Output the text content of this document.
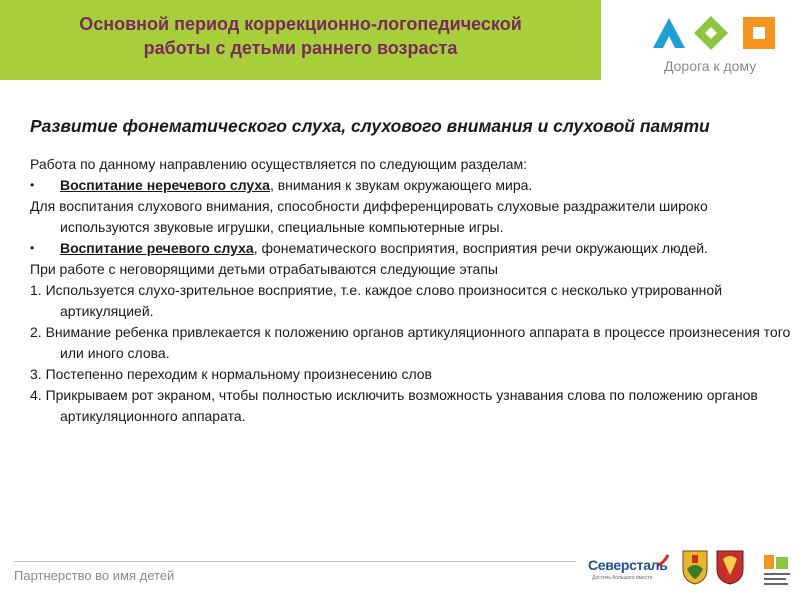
Основной период коррекционно-логопедической
работы с детьми раннего возраста
Дорога к дому
Развитие фонематического слуха, слухового внимания и слуховой памяти

Работа по данному направлению осуществляется по следующим разделам:

• Воспитание неречевого слуха, внимания к звукам окружающего мира.

Для воспитания слухового внимания, способности дифференцировать слуховые раздражители широко используются звуковые игрушки, специальные компьютерные игры.

• Воспитание речевого слуха, фонематического восприятия, восприятия речи окружающих людей.

При работе с неговорящими детьми отрабатываются следующие этапы

1. Используется слухо-зрительное восприятие, т.е. каждое слово произносится с несколько утрированной артикуляцией.

2. Внимание ребенка привлекается к положению органов артикуляционного аппарата в процессе произнесения того или иного слова.

3. Постепенно переходим к нормальному произнесению слов

4. Прикрываем рот экраном, чтобы полностью исключить возможность узнавания слова по положению органов артикуляционного аппарата.

Партнерство во имя детей
Северсталь
Достичь большего вместе
